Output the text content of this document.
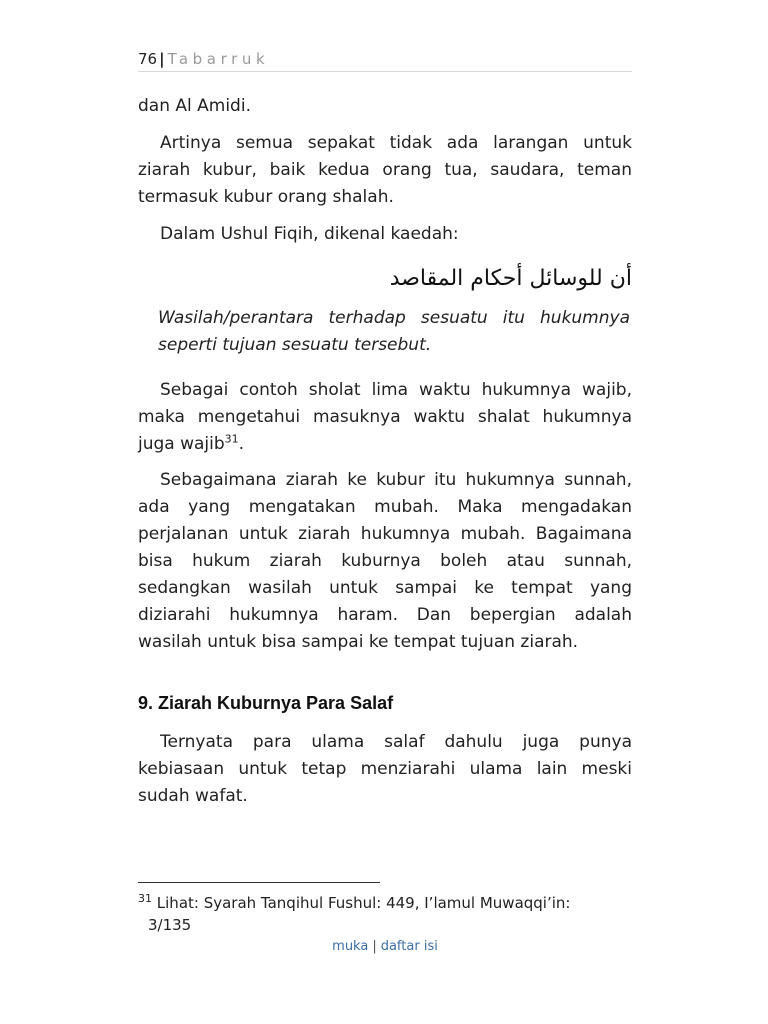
76 | Tabarruk

dan Al Amidi.

Artinya semua sepakat tidak ada larangan untuk ziarah kubur, baik kedua orang tua, saudara, teman termasuk kubur orang shalah.

Dalam Ushul Fiqih, dikenal kaedah:

أن للوسائل أحكام المقاصد

Wasilah/perantara terhadap sesuatu itu hukumnya seperti tujuan sesuatu tersebut.

Sebagai contoh sholat lima waktu hukumnya wajib, maka mengetahui masuknya waktu shalat hukumnya juga wajib$^{31}$.

Sebagaimana ziarah ke kubur itu hukumnya sunnah, ada yang mengatakan mubah. Maka mengadakan perjalanan untuk ziarah hukumnya mubah. Bagaimana bisa hukum ziarah kuburnya boleh atau sunnah, sedangkan wasilah untuk sampai ke tempat yang diziarahi hukumnya haram. Dan bepergian adalah wasilah untuk bisa sampai ke tempat tujuan ziarah.

9. Ziarah Kuburnya Para Salaf

Ternyata para ulama salaf dahulu juga punya kebiasaan untuk tetap menziarahi ulama lain meski sudah wafat.

$^{31}$ Lihat: Syarah Tanqihul Fushul: 449, I’lamul Muwaqqi’in:
3/135

muka | daftar isi
